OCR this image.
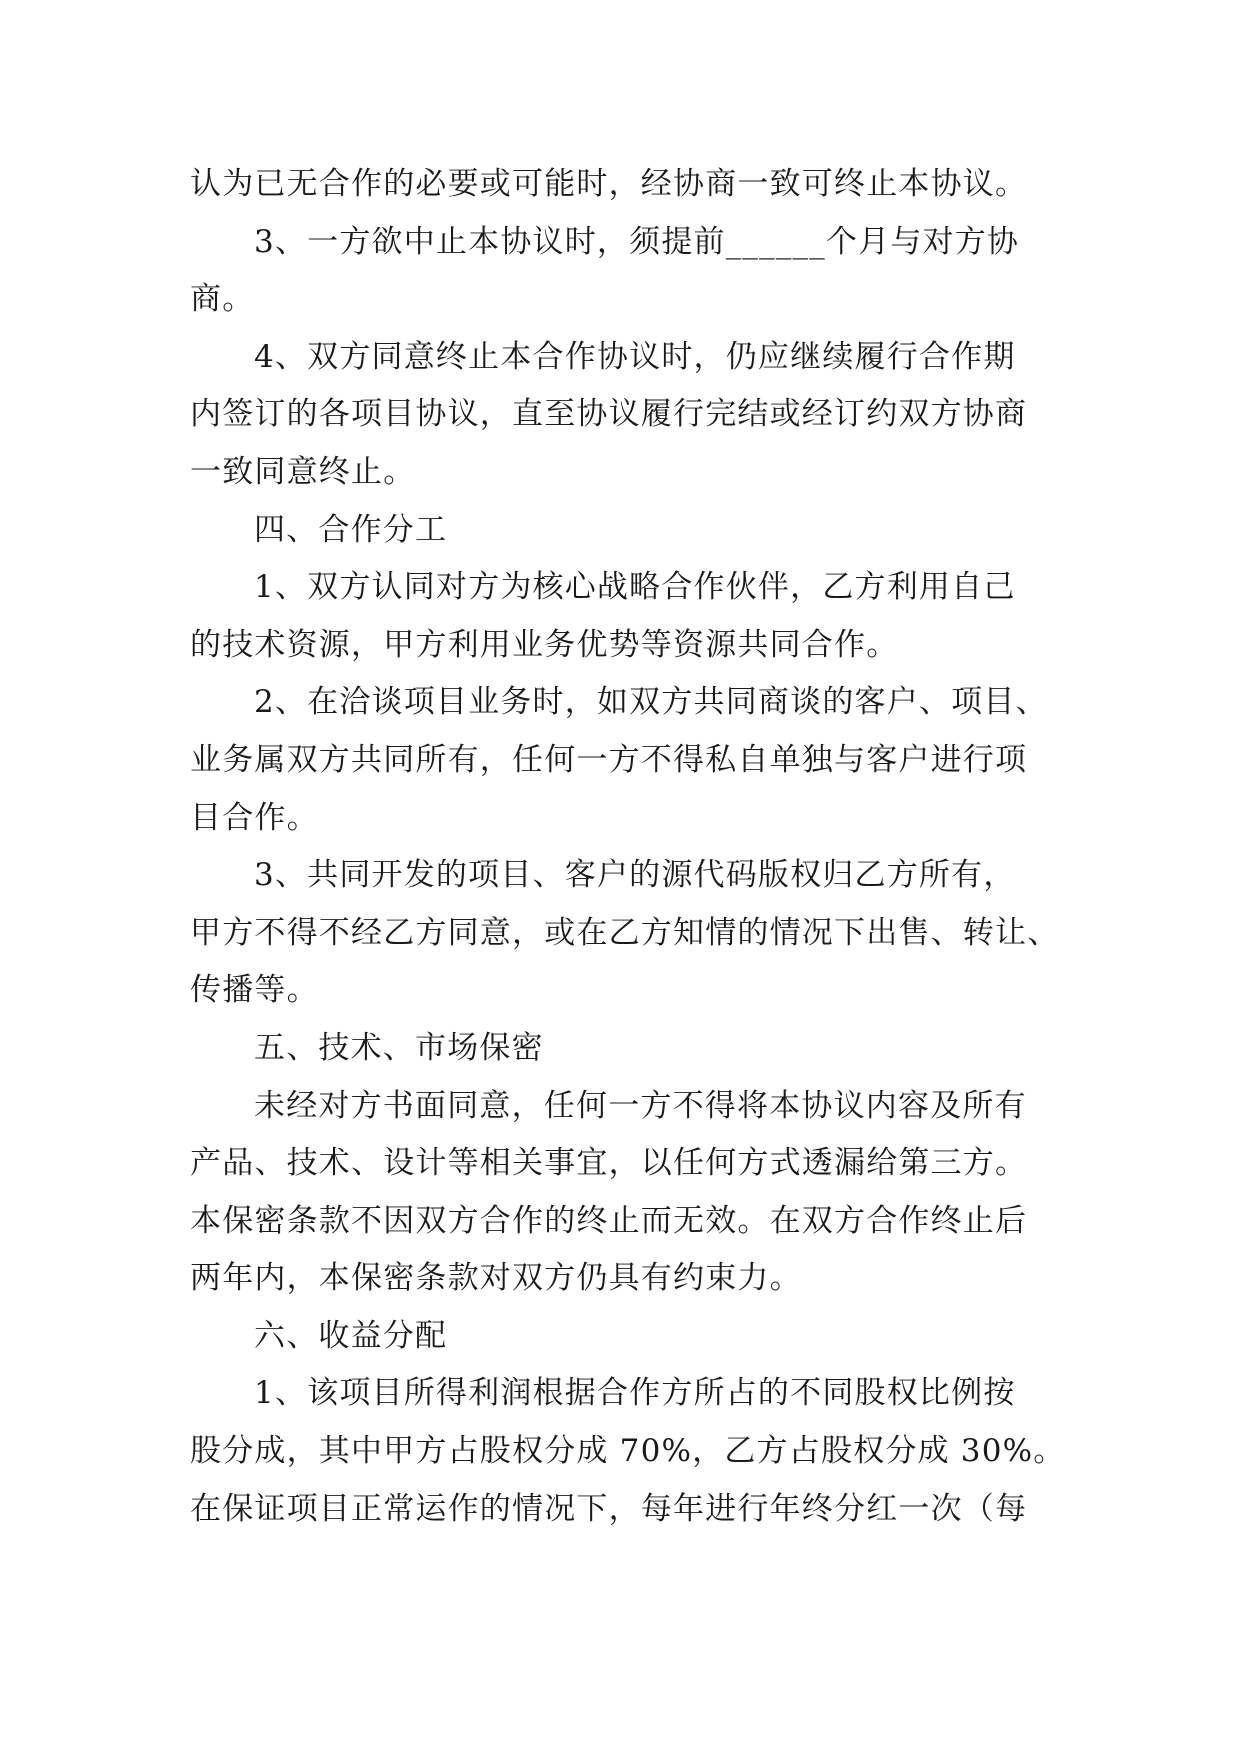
认为已无合作的必要或可能时，经协商一致可终止本协议。
3、一方欲中止本协议时，须提前______个月与对方协
商。
4、双方同意终止本合作协议时，仍应继续履行合作期
内签订的各项目协议，直至协议履行完结或经订约双方协商
一致同意终止。
四、合作分工
1、双方认同对方为核心战略合作伙伴，乙方利用自己
的技术资源，甲方利用业务优势等资源共同合作。
2、在洽谈项目业务时，如双方共同商谈的客户、项目、
业务属双方共同所有，任何一方不得私自单独与客户进行项
目合作。
3、共同开发的项目、客户的源代码版权归乙方所有，
甲方不得不经乙方同意，或在乙方知情的情况下出售、转让、
传播等。
五、技术、市场保密
未经对方书面同意，任何一方不得将本协议内容及所有
产品、技术、设计等相关事宜，以任何方式透漏给第三方。
本保密条款不因双方合作的终止而无效。在双方合作终止后
两年内，本保密条款对双方仍具有约束力。
六、收益分配
1、该项目所得利润根据合作方所占的不同股权比例按
股分成，其中甲方占股权分成 70%，乙方占股权分成 30%。
在保证项目正常运作的情况下，每年进行年终分红一次（每
